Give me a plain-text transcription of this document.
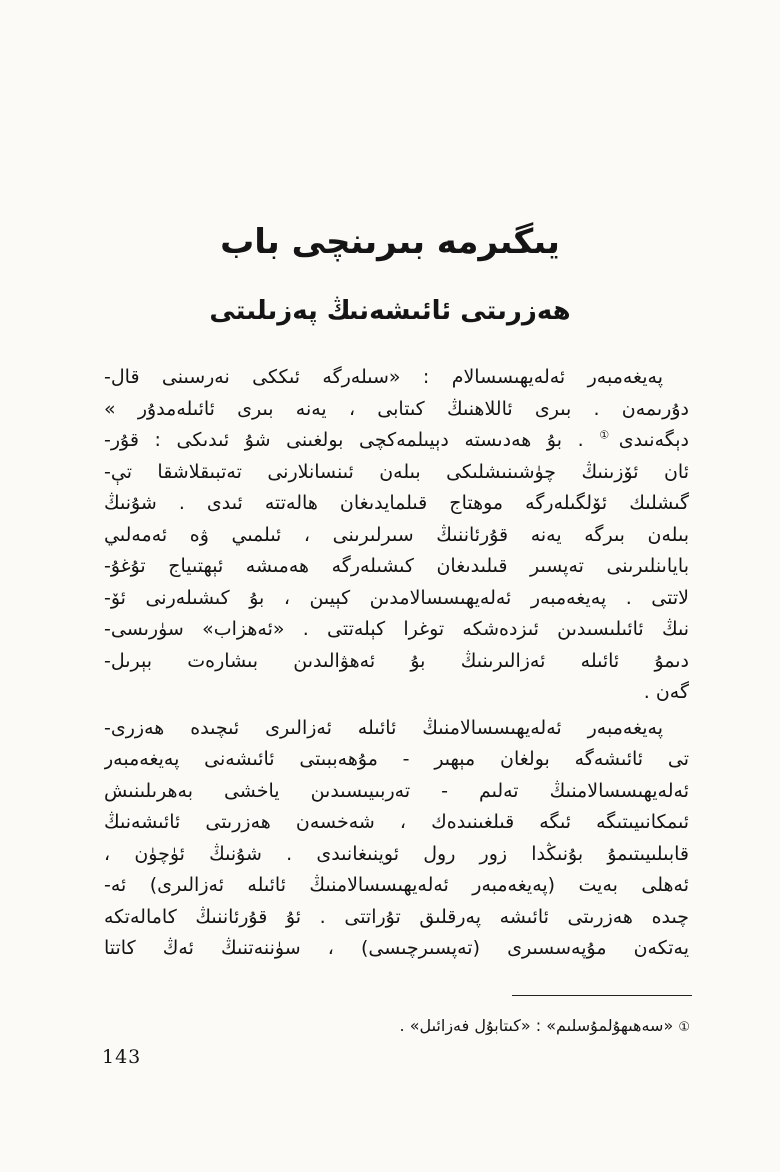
يىگىرمە بىرىنچى باب
ھەزرىتى ئائىشەنىڭ پەزىلىتى
پەيغەمبەر ئەلەيھىسسالام : «سىلەرگە ئىككى نەرسىنى قال-
دۇرىمەن . بىرى ئاللاھنىڭ كىتابى ، يەنە بىرى ئائىلەمدۇر »
دېگەنىدى① . بۇ ھەدىستە دېيىلمەكچى بولغىنى شۇ ئىدىكى : قۇر-
ئان ئۆزىنىڭ چۈشىنىشلىكى بىلەن ئىنسانلارنى تەتبىقلاشقا تې-
گىشلىك ئۆلگىلەرگە موھتاج قىلمايدىغان ھالەتتە ئىدى . شۇنىڭ
بىلەن بىرگە يەنە قۇرئاننىڭ سىرلىرىنى ، ئىلمىي ۋە ئەمەلىي
باياىنلىرىنى تەپسىر قىلىدىغان كىشىلەرگە ھەمىشە ئېھتىياج تۇغۇ-
لاتتى . پەيغەمبەر ئەلەيھىسسالامدىن كېيىن ، بۇ كىشىلەرنى ئۆ-
نىڭ ئائىلىسىدىن ئىزدەشكە توغرا كېلەتتى . «ئەھزاب» سۈرىسى-
دىمۇ ئائىلە ئەزالىرىنىڭ بۇ ئەھۋالىدىن بىشارەت بېرىل-
گەن .
پەيغەمبەر ئەلەيھىسسالامنىڭ ئائىلە ئەزالىرى ئىچىدە ھەزرى-
تى ئائىشەگە بولغان مېھىر - مۇھەببىتى ئائىشەنى پەيغەمبەر
ئەلەيھىسسالامنىڭ تەلىم - تەربىيىسىدىن ياخشى بەھرىلىنىش
ئىمكانىيىتىگە ئىگە قىلغىنىدەك ، شەخسەن ھەزرىتى ئائىشەنىڭ
قابىلىيىتىمۇ بۇنىڭدا زور رول ئوينىغانىدى . شۇنىڭ ئۈچۈن ،
ئەھلى بەيت (پەيغەمبەر ئەلەيھىسسالامنىڭ ئائىلە ئەزالىرى) ئە-
چىدە ھەزرىتى ئائىشە پەرقلىق تۇراتتى . ئۇ قۇرئاننىڭ كامالەتكە
يەتكەن مۇپەسسىرى (تەپسىرچىسى) ، سۈننەتنىڭ ئەڭ كاتتا
① «سەھىھۇلمۇسلىم» : «كىتابۇل فەزائىل» .
143
